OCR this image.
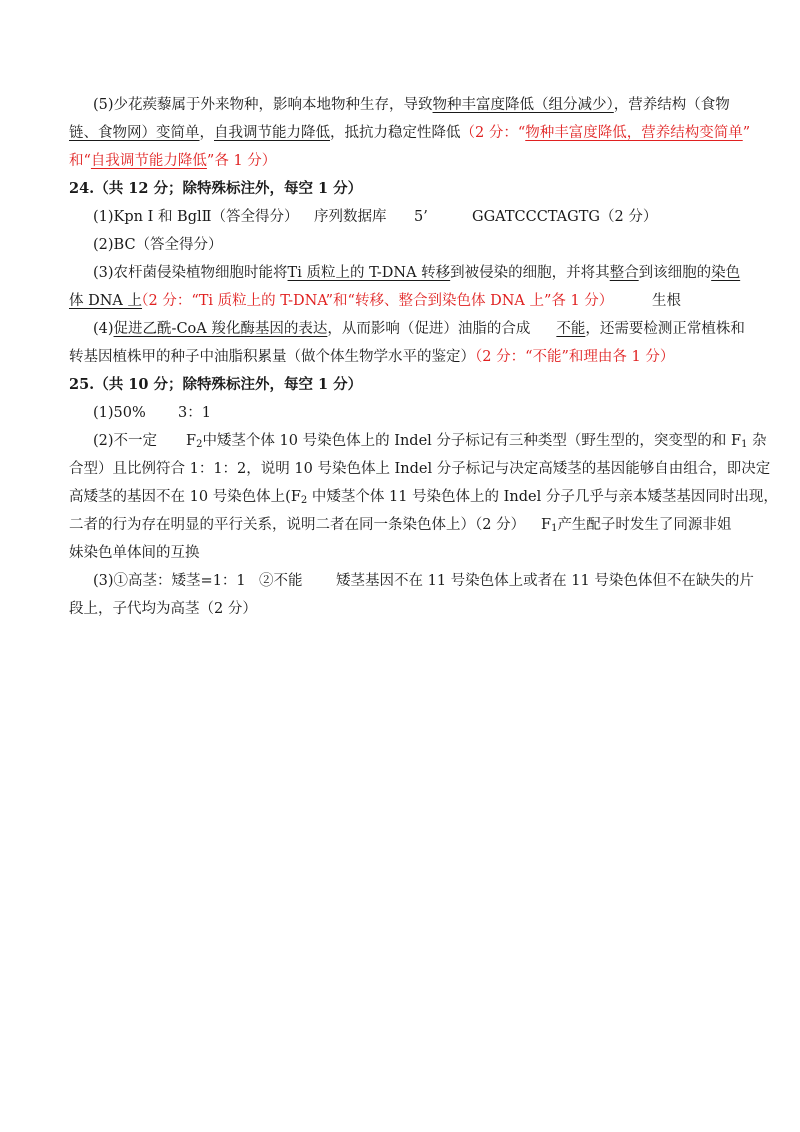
(5)少花蒺藜属于外来物种，影响本地物种生存，导致物种丰富度降低（组分减少），营养结构（食物
链、食物网）变简单，自我调节能力降低，抵抗力稳定性降低（2 分：“物种丰富度降低，营养结构变简单”
和“自我调节能力降低”各 1 分）
24.（共 12 分；除特殊标注外，每空 1 分）
(1)Kpn Ⅰ 和 BglⅡ（答全得分） 序列数据库 5’	GGATCCCTAGTG（2 分）
(2)BC（答全得分）
(3)农杆菌侵染植物细胞时能将Ti 质粒上的 T-DNA 转移到被侵染的细胞，并将其整合到该细胞的染色
体 DNA 上
（2 分：“Ti 质粒上的 T-DNA”和“转移、整合到染色体 DNA 上”各 1 分）	生根
(4)促进乙酰-CoA 羧化酶基因的表达，从而影响（促进）油脂的合成 不能，还需要检测正常植株和
转基因植株甲的种子中油脂积累量（做个体生物学水平的鉴定）（2 分：“不能”和理由各 1 分）
25.（共 10 分；除特殊标注外，每空 1 分）
(1)50% 3：1
(2)不一定 $F_2$中矮茎个体 10 号染色体上的 Indel 分子标记有三种类型（野生型的，突变型的和 $F_1$ 杂
合型）且比例符合 1：1：2，说明 10 号染色体上 Indel 分子标记与决定高矮茎的基因能够自由组合，即决定
高矮茎的基因不在 10 号染色体上($F_2$ 中矮茎个体 11 号染色体上的 Indel 分子几乎与亲本矮茎基因同时出现，
二者的行为存在明显的平行关系，说明二者在同一条染色体上）（2 分） $F_1$产生配子时发生了同源非姐
妹染色单体间的互换
(3)①高茎：矮茎=1：1 ②不能 矮茎基因不在 11 号染色体上或者在 11 号染色体但不在缺失的片
段上，子代均为高茎（2 分）
